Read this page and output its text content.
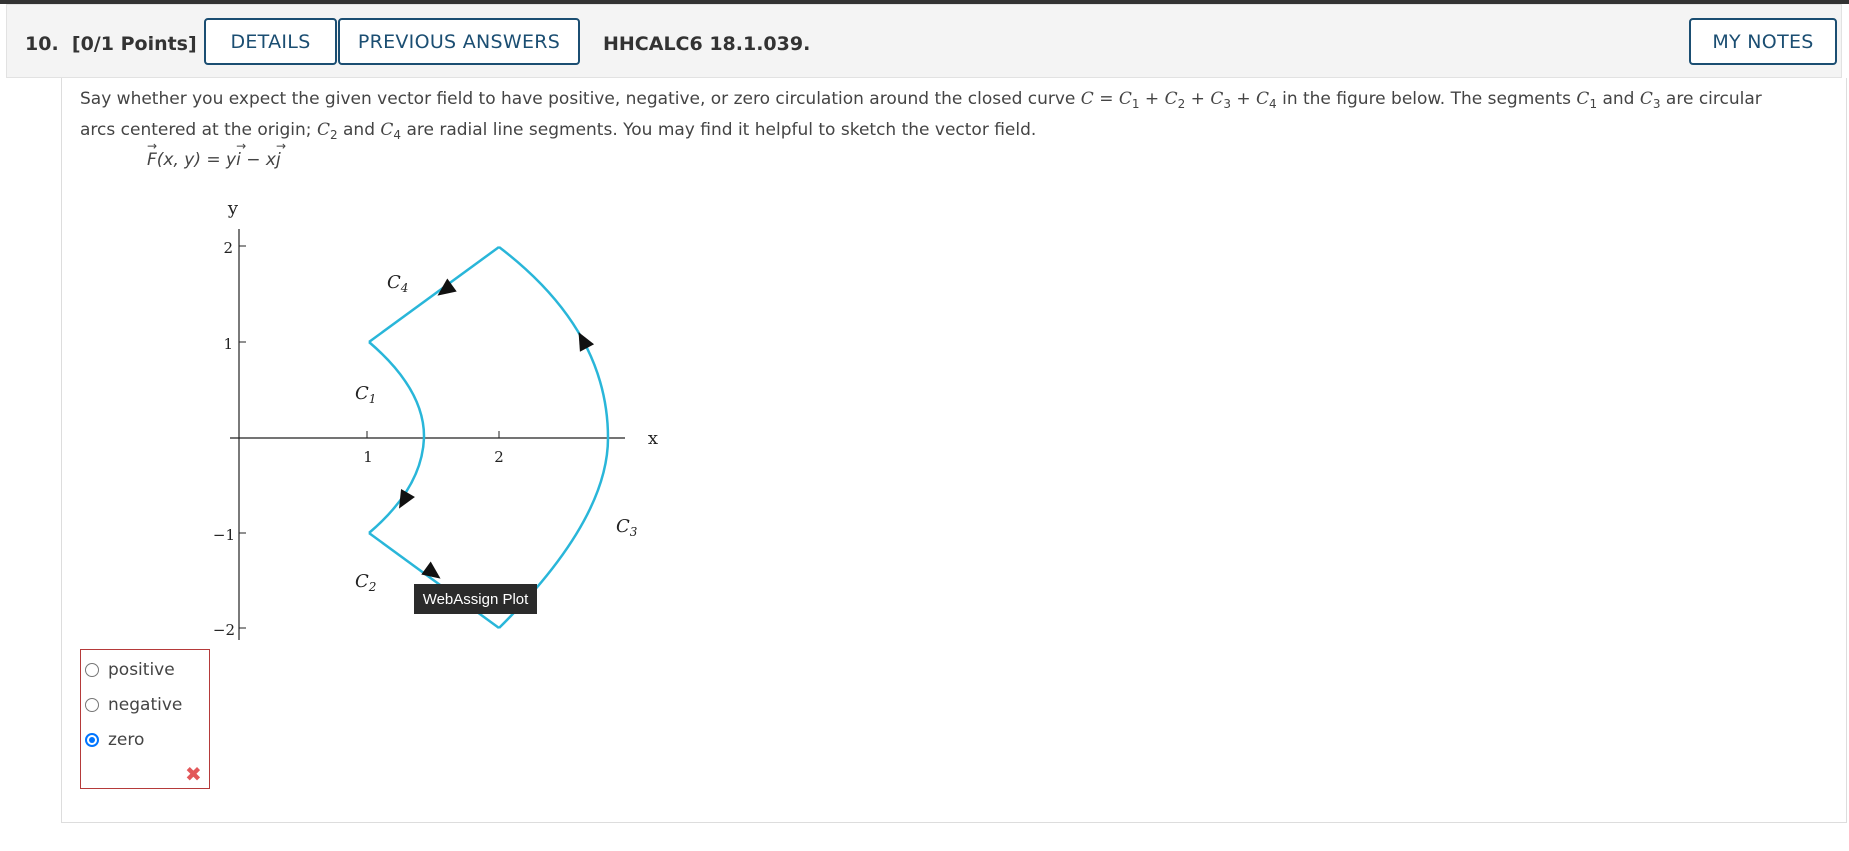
10. [0/1 Points]	DETAILS	PREVIOUS ANSWERS	HHCALC6 18.1.039.	MY NOTES
Say whether you expect the given vector field to have positive, negative, or zero circulation around the closed curve $C = C_1 + C_2 + C_3 + C_4$ in the figure below. The segments $C_1$ and $C_3$ are circular arcs centered at the origin; $C_2$ and $C_4$ are radial line segments. You may find it helpful to sketch the vector field.
→ F(x, y) = y→ i − x→ j
2
1
−1
−2
1	2
y
x
$C_1$
$C_2$
$C_3$
$C_4$
WebAssign Plot
positive
negative
zero
✖
